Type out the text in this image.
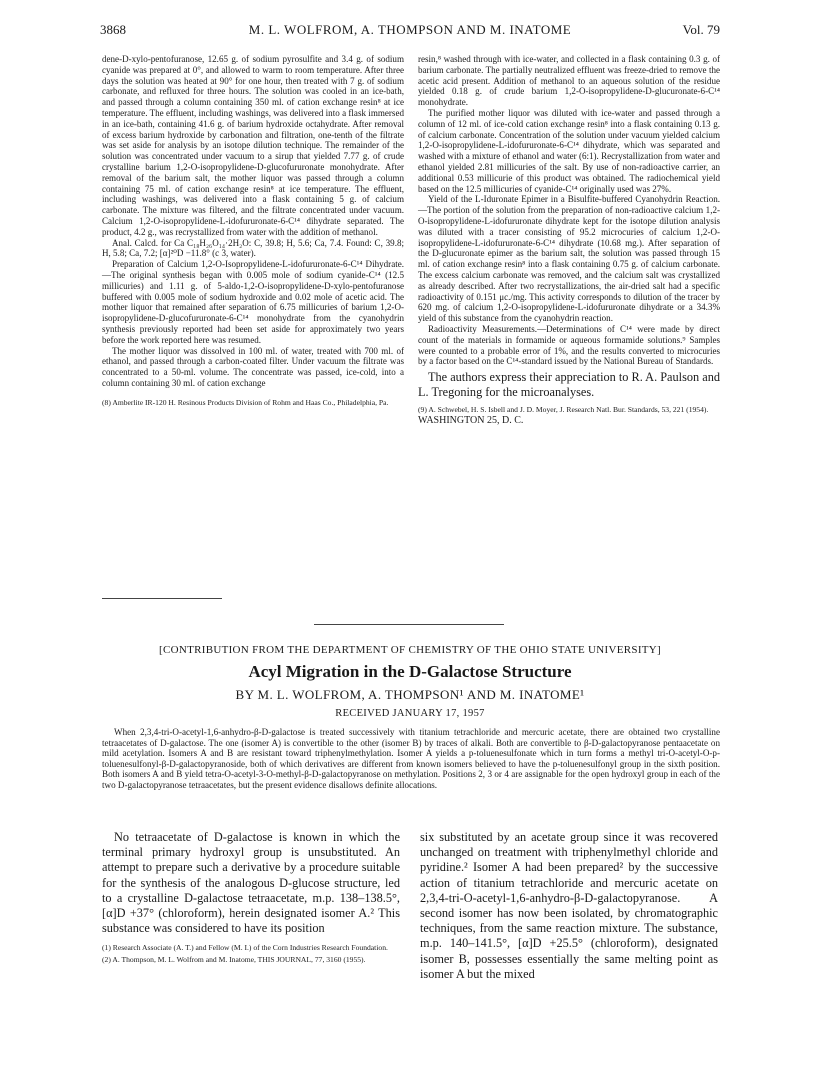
3868	M. L. WOLFROM, A. THOMPSON AND M. INATOME	Vol. 79

dene-D-xylo-pentofuranose, 12.65 g. of sodium pyrosulfite and 3.4 g. of sodium cyanide was prepared at 0°, and allowed to warm to room temperature. After three days the solution was heated at 90° for one hour, then treated with 7 g. of sodium carbonate, and refluxed for three hours. The solution was cooled in an ice-bath, and passed through a column containing 350 ml. of cation exchange resin⁸ at ice temperature. The effluent, including washings, was delivered into a flask immersed in an ice-bath, containing 41.6 g. of barium hydroxide octahydrate. After removal of excess barium hydroxide by carbonation and filtration, one-tenth of the filtrate was set aside for analysis by an isotope dilution technique. The remainder of the solution was concentrated under vacuum to a sirup that yielded 7.77 g. of crude crystalline barium 1,2-O-isopropylidene-D-glucofururonate monohydrate. After removal of the barium salt, the mother liquor was passed through a column containing 75 ml. of cation exchange resin⁸ at ice temperature. The effluent, including washings, was delivered into a flask containing 5 g. of calcium carbonate. The mixture was filtered, and the filtrate concentrated under vacuum. Calcium 1,2-O-isopropylidene-L-idofururonate-6-C¹⁴ dihydrate separated. The product, 4.2 g., was recrystallized from water with the addition of methanol.

Anal. Calcd. for Ca C₁₈H₂₆O₁₄·2H₂O: C, 39.8; H, 5.6; Ca, 7.4. Found: C, 39.8; H, 5.8; Ca, 7.2; [α]²⁰D −11.8° (c 3, water).

Preparation of Calcium 1,2-O-Isopropylidene-L-idofururonate-6-C¹⁴ Dihydrate.—The original synthesis began with 0.005 mole of sodium cyanide-C¹⁴ (12.5 millicuries) and 1.11 g. of 5-aldo-1,2-O-isopropylidene-D-xylo-pentofuranose buffered with 0.005 mole of sodium hydroxide and 0.02 mole of acetic acid. The mother liquor that remained after separation of 6.75 millicuries of barium 1,2-O-isopropylidene-D-glucofururonate-6-C¹⁴ monohydrate from the cyanohydrin synthesis previously reported had been set aside for approximately two years before the work reported here was resumed.

The mother liquor was dissolved in 100 ml. of water, treated with 700 ml. of ethanol, and passed through a carbon-coated filter. Under vacuum the filtrate was concentrated to a 50-ml. volume. The concentrate was passed, ice-cold, into a column containing 30 ml. of cation exchange

(8) Amberlite IR-120 H. Resinous Products Division of Rohm and Haas Co., Philadelphia, Pa.

resin,⁸ washed through with ice-water, and collected in a flask containing 0.3 g. of barium carbonate. The partially neutralized effluent was freeze-dried to remove the acetic acid present. Addition of methanol to an aqueous solution of the residue yielded 0.18 g. of crude barium 1,2-O-isopropylidene-D-glucuronate-6-C¹⁴ monohydrate.

The purified mother liquor was diluted with ice-water and passed through a column of 12 ml. of ice-cold cation exchange resin⁸ into a flask containing 0.13 g. of calcium carbonate. Concentration of the solution under vacuum yielded calcium 1,2-O-isopropylidene-L-idofururonate-6-C¹⁴ dihydrate, which was separated and washed with a mixture of ethanol and water (6:1). Recrystallization from water and ethanol yielded 2.81 millicuries of the salt. By use of non-radioactive carrier, an additional 0.53 millicurie of this product was obtained. The radiochemical yield based on the 12.5 millicuries of cyanide-C¹⁴ originally used was 27%.

Yield of the L-Iduronate Epimer in a Bisulfite-buffered Cyanohydrin Reaction.—The portion of the solution from the preparation of non-radioactive calcium 1,2-O-isopropylidene-L-idofururonate dihydrate kept for the isotope dilution analysis was diluted with a tracer consisting of 95.2 microcuries of calcium 1,2-O-isopropylidene-L-idofururonate-6-C¹⁴ dihydrate (10.68 mg.). After separation of the D-glucuronate epimer as the barium salt, the solution was passed through 15 ml. of cation exchange resin⁸ into a flask containing 0.75 g. of calcium carbonate. The excess calcium carbonate was removed, and the calcium salt was crystallized as already described. After two recrystallizations, the air-dried salt had a specific radioactivity of 0.151 μc./mg. This activity corresponds to dilution of the tracer by 620 mg. of calcium 1,2-O-isopropylidene-L-idofururonate dihydrate or a 34.3% yield of this substance from the cyanohydrin reaction.

Radioactivity Measurements.—Determinations of C¹⁴ were made by direct count of the materials in formamide or aqueous formamide solutions.⁹ Samples were counted to a probable error of 1%, and the results converted to microcuries by a factor based on the C¹⁴-standard issued by the National Bureau of Standards.

The authors express their appreciation to R. A. Paulson and L. Tregoning for the microanalyses.

(9) A. Schwebel, H. S. Isbell and J. D. Moyer, J. Research Natl. Bur. Standards, 53, 221 (1954).

WASHINGTON 25, D. C.

[CONTRIBUTION FROM THE DEPARTMENT OF CHEMISTRY OF THE OHIO STATE UNIVERSITY]
Acyl Migration in the D-Galactose Structure
BY M. L. WOLFROM, A. THOMPSON¹ AND M. INATOME¹
RECEIVED JANUARY 17, 1957
When 2,3,4-tri-O-acetyl-1,6-anhydro-β-D-galactose is treated successively with titanium tetrachloride and mercuric acetate, there are obtained two crystalline tetraacetates of D-galactose. The one (isomer A) is convertible to the other (isomer B) by traces of alkali. Both are convertible to β-D-galactopyranose pentaacetate on mild acetylation. Isomers A and B are resistant toward triphenylmethylation. Isomer A yields a p-toluenesulfonate which in turn forms a methyl tri-O-acetyl-O-p-toluenesulfonyl-β-D-galactopyranoside, both of which derivatives are different from known isomers believed to have the p-toluenesulfonyl group in the sixth position. Both isomers A and B yield tetra-O-acetyl-3-O-methyl-β-D-galactopyranose on methylation. Positions 2, 3 or 4 are assignable for the open hydroxyl group in each of the two D-galactopyranose tetraacetates, but the present evidence disallows definite allocations.

No tetraacetate of D-galactose is known in which the terminal primary hydroxyl group is unsubstituted. An attempt to prepare such a derivative by a procedure suitable for the synthesis of the analogous D-glucose structure, led to a crystalline D-galactose tetraacetate, m.p. 138–138.5°, [α]D +37° (chloroform), herein designated isomer A.² This substance was considered to have its position

(1) Research Associate (A. T.) and Fellow (M. I.) of the Corn Industries Research Foundation.

(2) A. Thompson, M. L. Wolfrom and M. Inatome, THIS JOURNAL, 77, 3160 (1955).

six substituted by an acetate group since it was recovered unchanged on treatment with triphenylmethyl chloride and pyridine.² Isomer A had been prepared² by the successive action of titanium tetrachloride and mercuric acetate on 2,3,4-tri-O-acetyl-1,6-anhydro-β-D-galactopyranose. A second isomer has now been isolated, by chromatographic techniques, from the same reaction mixture. The substance, m.p. 140–141.5°, [α]D +25.5° (chloroform), designated isomer B, possesses essentially the same melting point as isomer A but the mixed
